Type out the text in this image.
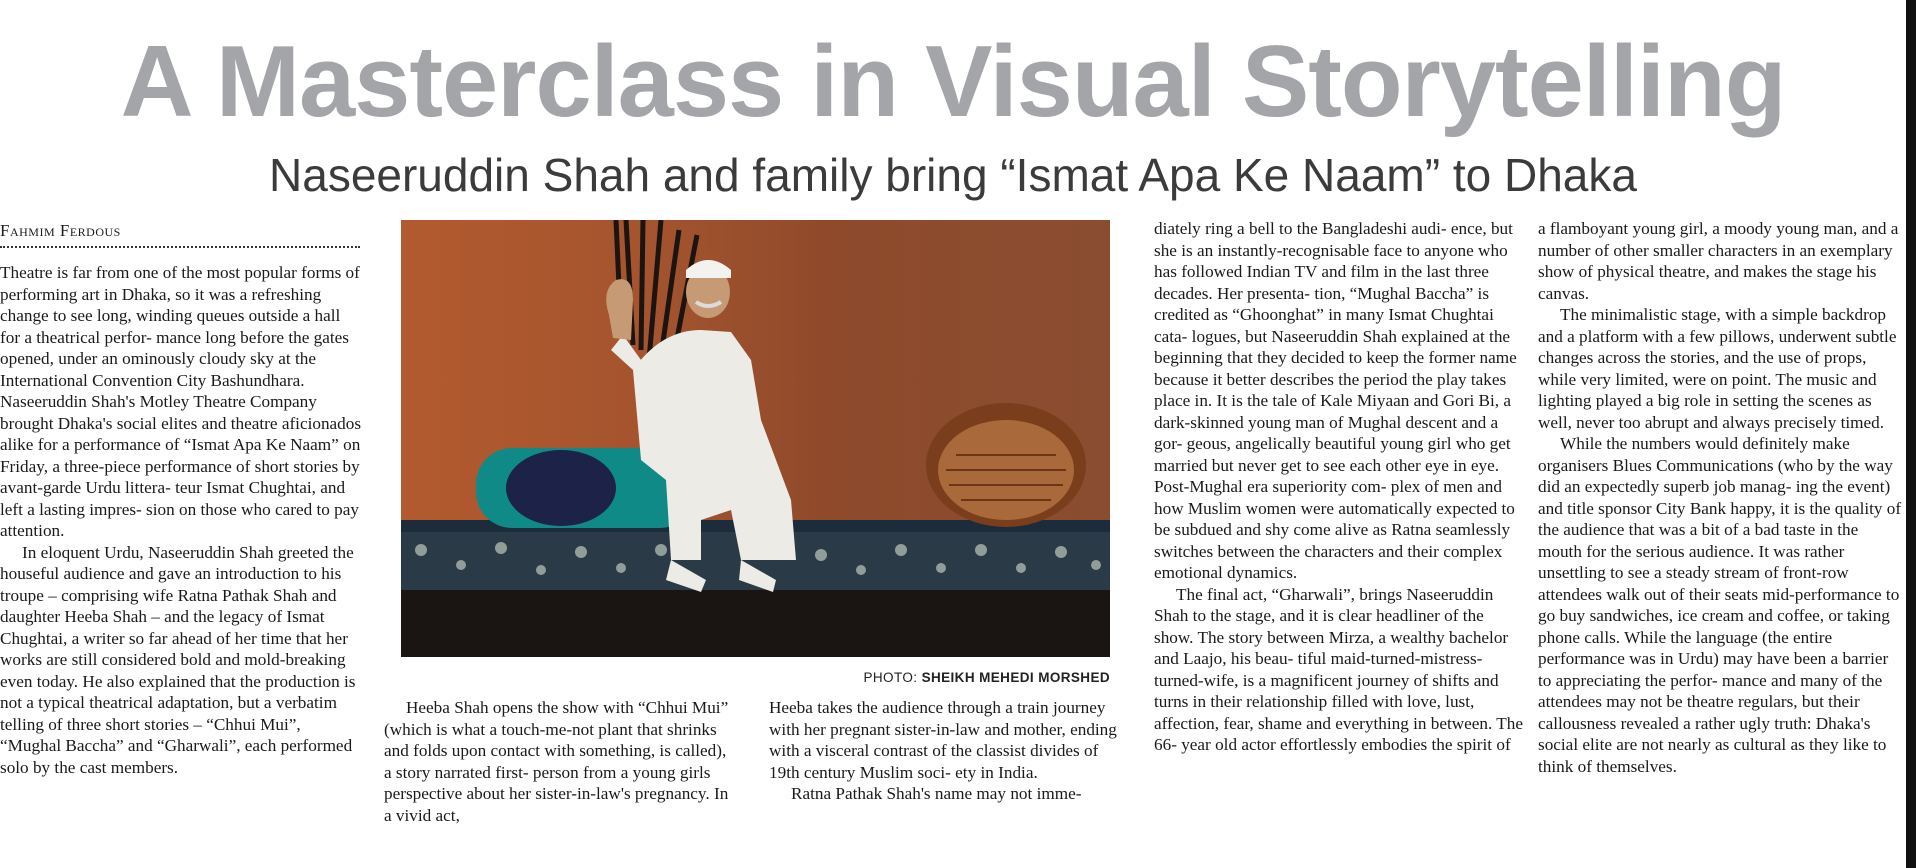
A Masterclass in Visual Storytelling
Naseeruddin Shah and family bring “Ismat Apa Ke Naam” to Dhaka
Fahmim Ferdous

Theatre is far from one of the most popular forms of performing art in Dhaka, so it was a refreshing change to see long, winding queues outside a hall for a theatrical perfor- mance long before the gates opened, under an ominously cloudy sky at the International Convention City Bashundhara. Naseeruddin Shah's Motley Theatre Company brought Dhaka's social elites and theatre aficionados alike for a performance of “Ismat Apa Ke Naam” on Friday, a three-piece performance of short stories by avant-garde Urdu littera- teur Ismat Chughtai, and left a lasting impres- sion on those who cared to pay attention.

In eloquent Urdu, Naseeruddin Shah greeted the houseful audience and gave an introduction to his troupe – comprising wife Ratna Pathak Shah and daughter Heeba Shah – and the legacy of Ismat Chughtai, a writer so far ahead of her time that her works are still considered bold and mold-breaking even today. He also explained that the production is not a typical theatrical adaptation, but a verbatim telling of three short stories – “Chhui Mui”, “Mughal Baccha” and “Gharwali”, each performed solo by the cast members.

PHOTO: SHEIKH MEHEDI MORSHED

Heeba Shah opens the show with “Chhui Mui” (which is what a touch-me-not plant that shrinks and folds upon contact with something, is called), a story narrated first- person from a young girls perspective about her sister-in-law's pregnancy. In a vivid act,

Heeba takes the audience through a train journey with her pregnant sister-in-law and mother, ending with a visceral contrast of the classist divides of 19th century Muslim soci- ety in India.

Ratna Pathak Shah's name may not imme-

diately ring a bell to the Bangladeshi audi- ence, but she is an instantly-recognisable face to anyone who has followed Indian TV and film in the last three decades. Her presenta- tion, “Mughal Baccha” is credited as “Ghoonghat” in many Ismat Chughtai cata- logues, but Naseeruddin Shah explained at the beginning that they decided to keep the former name because it better describes the period the play takes place in. It is the tale of Kale Miyaan and Gori Bi, a dark-skinned young man of Mughal descent and a gor- geous, angelically beautiful young girl who get married but never get to see each other eye in eye. Post-Mughal era superiority com- plex of men and how Muslim women were automatically expected to be subdued and shy come alive as Ratna seamlessly switches between the characters and their complex emotional dynamics.

The final act, “Gharwali”, brings Naseeruddin Shah to the stage, and it is clear headliner of the show. The story between Mirza, a wealthy bachelor and Laajo, his beau- tiful maid-turned-mistress-turned-wife, is a magnificent journey of shifts and turns in their relationship filled with love, lust, affection, fear, shame and everything in between. The 66- year old actor effortlessly embodies the spirit of

a flamboyant young girl, a moody young man, and a number of other smaller characters in an exemplary show of physical theatre, and makes the stage his canvas.

The minimalistic stage, with a simple backdrop and a platform with a few pillows, underwent subtle changes across the stories, and the use of props, while very limited, were on point. The music and lighting played a big role in setting the scenes as well, never too abrupt and always precisely timed.

While the numbers would definitely make organisers Blues Communications (who by the way did an expectedly superb job manag- ing the event) and title sponsor City Bank happy, it is the quality of the audience that was a bit of a bad taste in the mouth for the serious audience. It was rather unsettling to see a steady stream of front-row attendees walk out of their seats mid-performance to go buy sandwiches, ice cream and coffee, or taking phone calls. While the language (the entire performance was in Urdu) may have been a barrier to appreciating the perfor- mance and many of the attendees may not be theatre regulars, but their callousness revealed a rather ugly truth: Dhaka's social elite are not nearly as cultural as they like to think of themselves.
